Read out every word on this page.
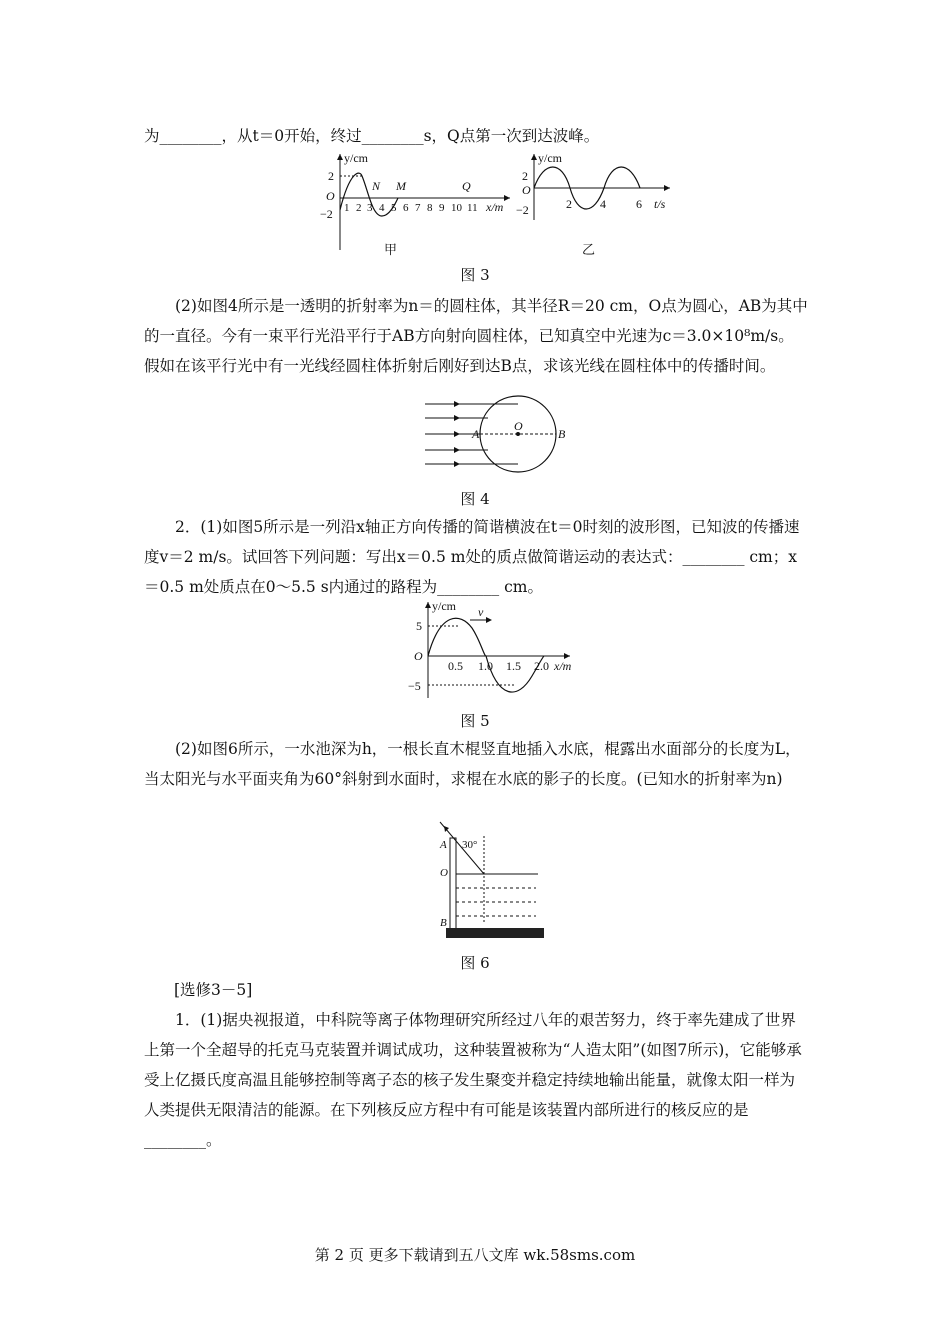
为________，从t＝0开始，终过________s，Q点第一次到达波峰。

y/cm
2
O
−2 1 2 3 4 5 6 7 8 9 10 11 x/m
N M	Q
甲
y/cm
2
O
−2	2 4	6 t/s
乙
图 3

(2)如图4所示是一透明的折射率为n＝的圆柱体，其半径R＝20 cm，O点为圆心，AB为其中的一直径。今有一束平行光沿平行于AB方向射向圆柱体，已知真空中光速为c＝3.0×10⁸m/s。假如在该平行光中有一光线经圆柱体折射后刚好到达B点，求该光线在圆柱体中的传播时间。

A
O
B
图 4

2．(1)如图5所示是一列沿x轴正方向传播的简谐横波在t＝0时刻的波形图，已知波的传播速度v＝2 m/s。试回答下列问题：写出x＝0.5 m处的质点做简谐运动的表达式：________ cm；x＝0.5 m处质点在0～5.5 s内通过的路程为________ cm。

v
y/cm
5
O
−5
0.5 1.0 1.5 2.0 x/m
图 5

(2)如图6所示，一水池深为h，一根长直木棍竖直地插入水底，棍露出水面部分的长度为L，当太阳光与水平面夹角为60°斜射到水面时，求棍在水底的影子的长度。(已知水的折射率为n)

A 30°
O
B
图 6
[选修3－5]

1．(1)据央视报道，中科院等离子体物理研究所经过八年的艰苦努力，终于率先建成了世界上第一个全超导的托克马克装置并调试成功，这种装置被称为“人造太阳”(如图7所示)，它能够承受上亿摄氏度高温且能够控制等离子态的核子发生聚变并稳定持续地输出能量，就像太阳一样为人类提供无限清洁的能源。在下列核反应方程中有可能是该装置内部所进行的核反应的是________。

第 2 页 更多下载请到五八文库 wk.58sms.com
